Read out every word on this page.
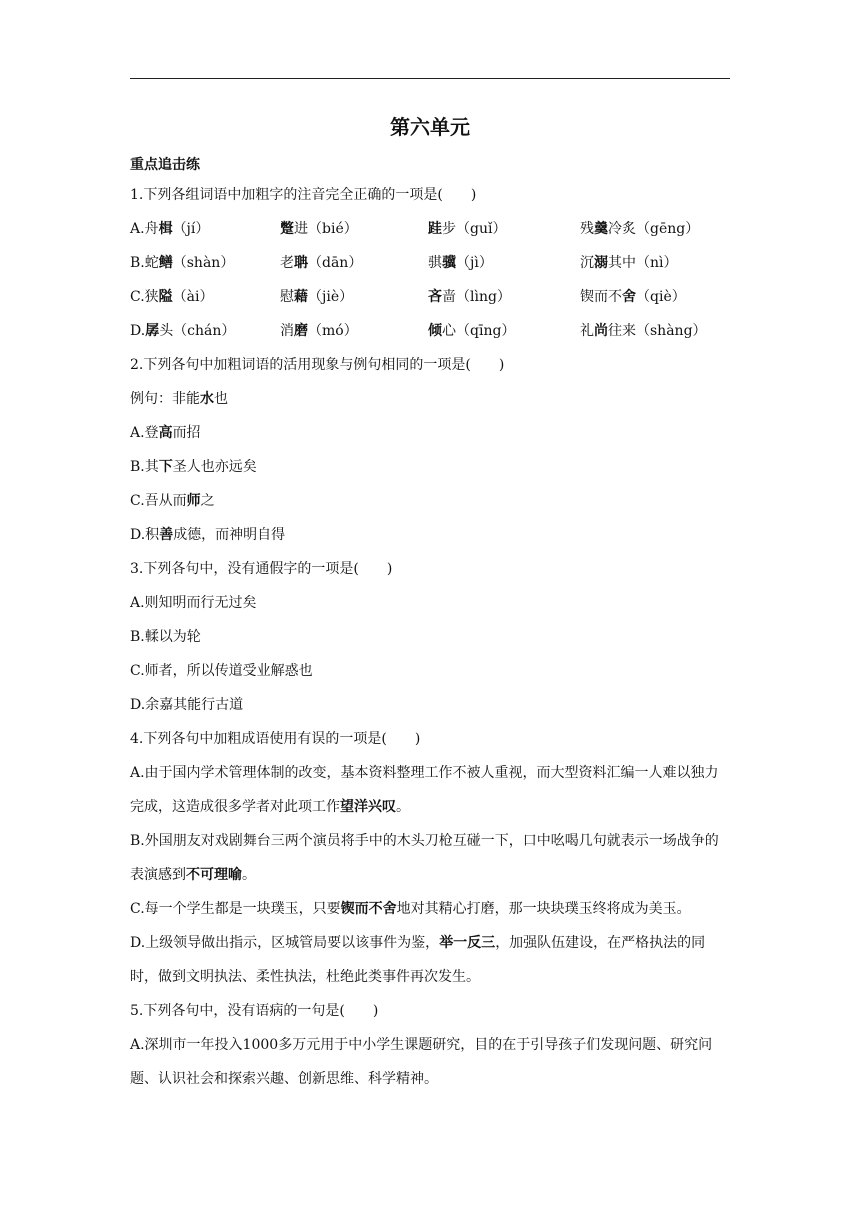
第六单元
重点追击练
1.下列各组词语中加粗字的注音完全正确的一项是(　　)
A.舟楫（jí）	蹩进（bié）	跬步（guǐ）	残羹冷炙（gēng）
B.蛇鳝（shàn）	老聃（dān）	骐骥（jì）	沉溺其中（nì）
C.狭隘（ài）	慰藉（jiè）	吝啬（lìng）	锲而不舍（qiè）
D.孱头（chán）	消磨（mó）	倾心（qīng）	礼尚往来（shàng）
2.下列各句中加粗词语的活用现象与例句相同的一项是(　　)
例句：非能水也
A.登高而招
B.其下圣人也亦远矣
C.吾从而师之
D.积善成德，而神明自得
3.下列各句中，没有通假字的一项是(　　)
A.则知明而行无过矣
B.輮以为轮
C.师者，所以传道受业解惑也
D.余嘉其能行古道
4.下列各句中加粗成语使用有误的一项是(　　)
A.由于国内学术管理体制的改变，基本资料整理工作不被人重视，而大型资料汇编一人难以独力完成，这造成很多学者对此项工作望洋兴叹。
B.外国朋友对戏剧舞台三两个演员将手中的木头刀枪互碰一下，口中吆喝几句就表示一场战争的表演感到不可理喻。
C.每一个学生都是一块璞玉，只要锲而不舍地对其精心打磨，那一块块璞玉终将成为美玉。
D.上级领导做出指示，区城管局要以该事件为鉴，举一反三，加强队伍建设，在严格执法的同时，做到文明执法、柔性执法，杜绝此类事件再次发生。
5.下列各句中，没有语病的一句是(　　)
A.深圳市一年投入1000多万元用于中小学生课题研究，目的在于引导孩子们发现问题、研究问题、认识社会和探索兴趣、创新思维、科学精神。
